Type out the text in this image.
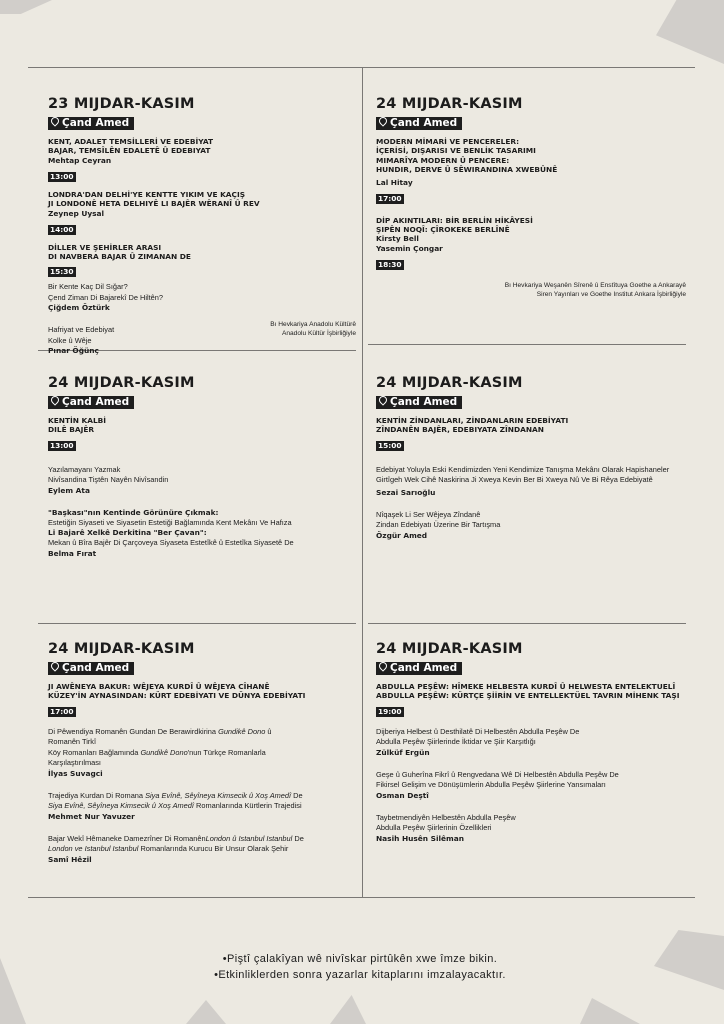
23 MIJDAR-KASIM
Çand Amed
KENT, ADALET TEMSİLLERİ VE EDEBİYAT
BAJAR, TEMSÎLÊN EDALETÊ Û EDEBIYAT
Mehtap Ceyran
13:00
LONDRA'DAN DELHİ'YE KENTTE YIKIM VE KAÇIŞ
JI LONDONÊ HETA DELHIYÊ LI BAJÊR WÊRANÎ Û REV
Zeynep Uysal
14:00
DİLLER VE ŞEHİRLER ARASI
DI NAVBERA BAJAR Û ZIMANAN DE
15:30
Bir Kente Kaç Dil Sığar?
Çend Ziman Di Bajarekî De Hiltên?
Çiğdem Öztürk
Hafriyat ve Edebiyat
Kolke û Wêje
Pınar Öğünç
Bı Hevkariya Anadolu Kültürê
Anadolu Kültür İşbirliğiyle
24 MIJDAR-KASIM
Çand Amed
MODERN MİMARİ VE PENCERELER:
İÇERİSİ, DIŞARISI VE BENLİK TASARIMI
MIMARÎYA MODERN Û PENCERE:
HUNDIR, DERVE Û SÊWIRANDINA XWEBÛNÊ
Lal Hitay
17:00
DİP AKINTILARI: BİR BERLİN HİKÂYESİ
ŞIPÊN NOQÎ: ÇÎROKEKE BERLÎNÊ
Kirsty Bell
Yasemin Çongar
18:30
Bı Hevkariya Weşanên Sîrenê û Enstîtuya Goethe a Ankarayê
Siren Yayınları ve Goethe Institut Ankara İşbirliğiyle
24 MIJDAR-KASIM
Çand Amed
KENTİN KALBİ
DILÊ BAJÊR
13:00
Yazılamayanı Yazmak
Nivîsandina Tiştên Nayên Nivîsandin
Eylem Ata
"Başkası"nın Kentinde Görünüre Çıkmak:
Estetiğin Siyaseti ve Siyasetin Estetiği Bağlamında Kent Mekânı Ve Hafıza
Li Bajarê Xelkê Derkitina "Ber Çavan":
Mekan û Bîra Bajêr Di Çarçoveya Siyaseta Estetîkê û Estetîka Siyasetê De
Belma Fırat
24 MIJDAR-KASIM
Çand Amed
KENTİN ZİNDANLARI, ZİNDANLARIN EDEBİYATI
ZÎNDANÊN BAJÊR, EDEBIYATA ZÎNDANAN
15:00
Edebiyat Yoluyla Eski Kendimizden Yeni Kendimize Tanışma Mekânı Olarak Hapishaneler
Girtîgeh Wek Cihê Naskirina Ji Xweya Kevin Ber Bi Xweya Nû Ve Bi Rêya Edebiyatê
Sezai Sarıoğlu
Nîqaşek Li Ser Wêjeya Zîndanê
Zindan Edebiyatı Üzerine Bir Tartışma
Özgür Amed
24 MIJDAR-KASIM
Çand Amed
JI AWÊNEYA BAKUR: WÊJEYA KURDÎ Û WÊJEYA CÎHANÊ
KÜZEY'İN AYNASINDAN: KÜRT EDEBİYATI VE DÜNYA EDEBİYATI
17:00
Di Pêwendiya Romanên Gundan De Berawirdkirina Gundikê Dono û
Romanên Tirkî
Köy Romanları Bağlamında Gundikê Dono'nun Türkçe Romanlarla
Karşılaştırılması
İlyas Suvagci
Trajediya Kurdan Di Romana Siya Evînê, Sêyîneya Kimsecik û Xoş Amedî De
Siya Evînê, Sêyîneya Kimsecik û Xoş Amedî Romanlarında Kürtlerin Trajedisi
Mehmet Nur Yavuzer
Bajar Wekî Hêmaneke Damezrîner Di RomanênLondon û Istanbul Istanbul De
London ve Istanbul Istanbul Romanlarında Kurucu Bir Unsur Olarak Şehir
Samî Hêzil
24 MIJDAR-KASIM
Çand Amed
ABDULLA PEŞÊW: HÎMEKE HELBESTA KURDÎ Û HELWESTA ENTELEKTUELÎ
ABDULLA PEŞÊW: KÜRTÇE ŞİİRİN VE ENTELLEKTÜEL TAVRIN MİHENK TAŞI
19:00
Dijberiya Helbest û Desthilatê Di Helbestên Abdulla Peşêw De
Abdulla Peşêw Şiirlerinde İktidar ve Şiir Karşıtlığı
Zülküf Ergün
Geşe û Guherîna Fikrî û Rengvedana Wê Di Helbestên Abdulla Peşêw De
Fikirsel Gelişim ve Dönüşümlerin Abdulla Peşêw Şiirlerine Yansımaları
Osman Deştî
Taybetmendiyên Helbestên Abdulla Peşêw
Abdulla Peşêw Şiirlerinin Özellikleri
Nasih Husên Silêman
•Piştî çalakîyan wê nivîskar pirtûkên xwe îmze bikin.
•Etkinliklerden sonra yazarlar kitaplarını imzalayacaktır.
